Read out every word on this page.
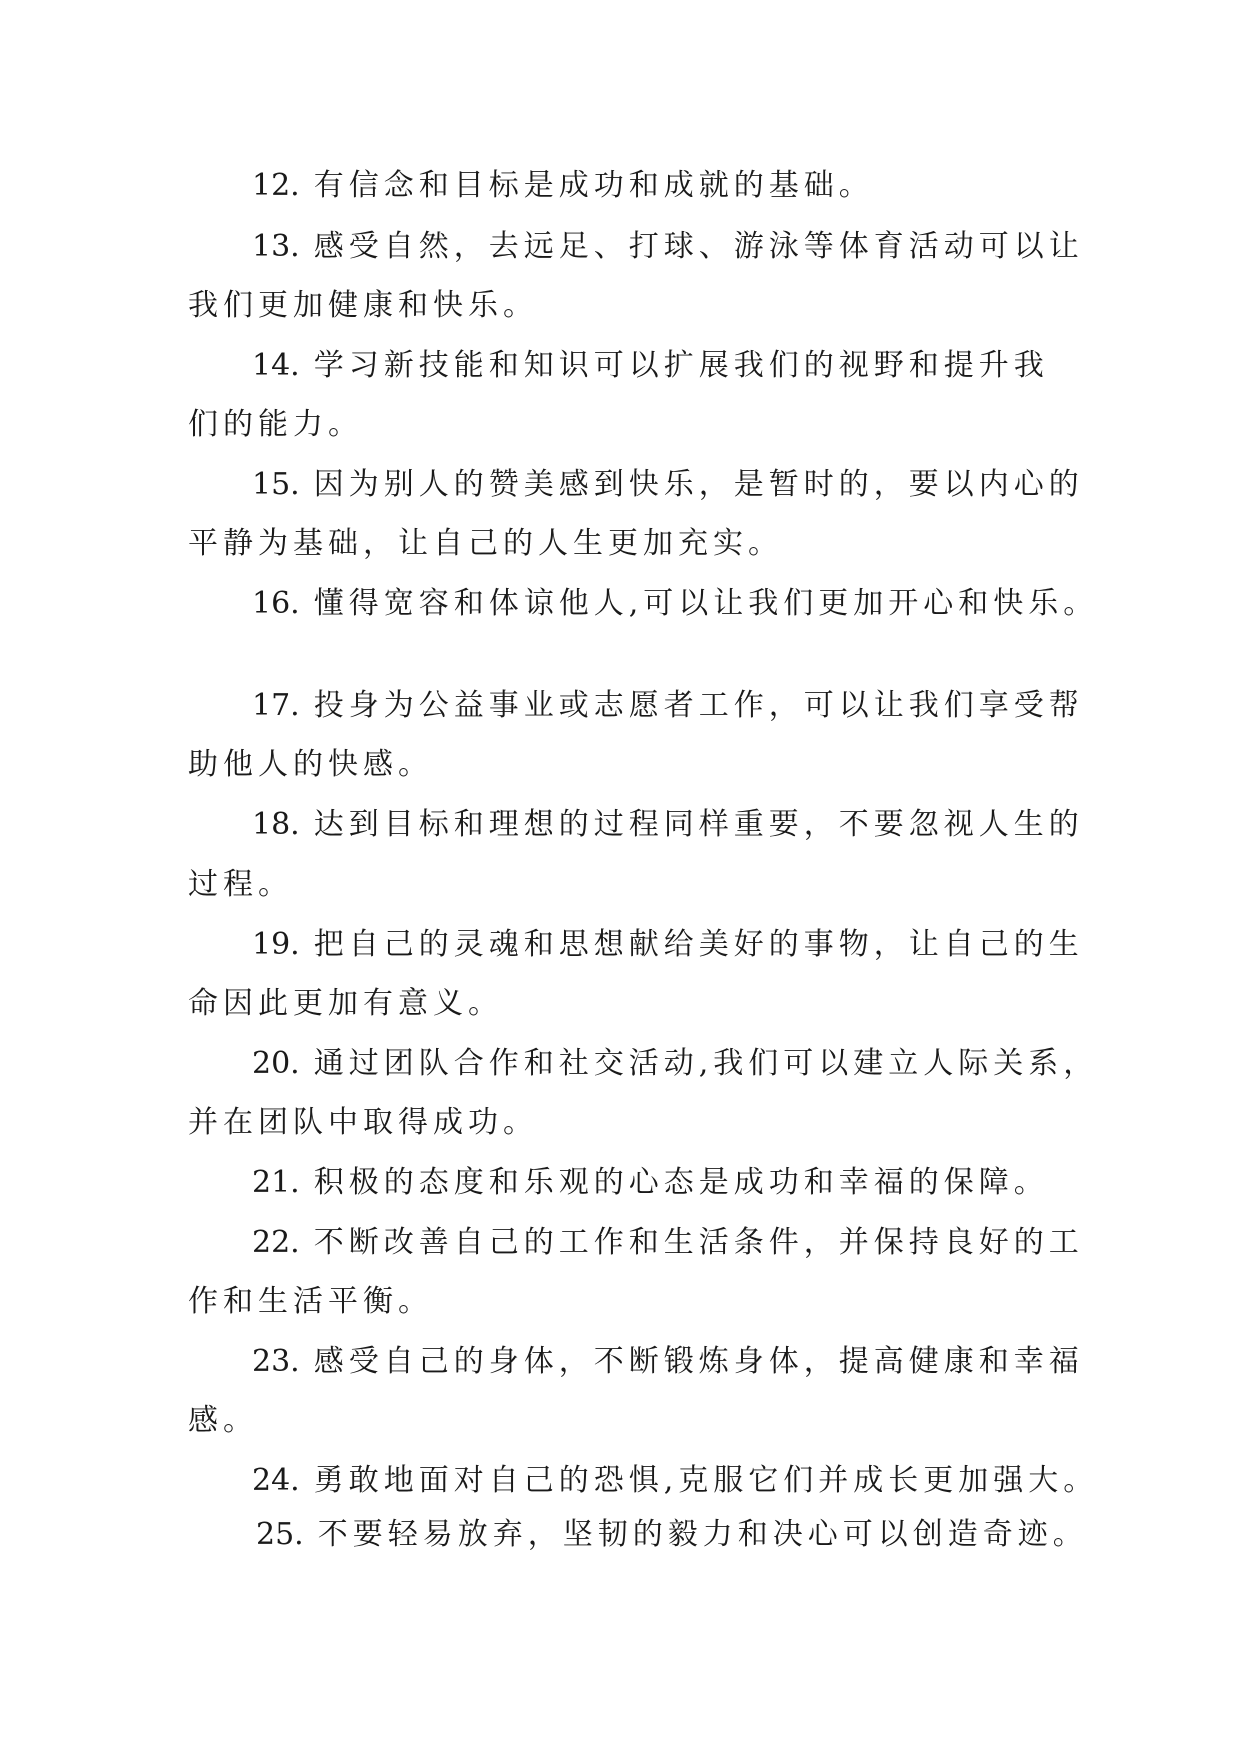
12. 有信念和目标是成功和成就的基础。
13. 感受自然，去远足、打球、游泳等体育活动可以让
我们更加健康和快乐。
14. 学习新技能和知识可以扩展我们的视野和提升我
们的能力。
15. 因为别人的赞美感到快乐，是暂时的，要以内心的
平静为基础，让自己的人生更加充实。
16. 懂得宽容和体谅他人,可以让我们更加开心和快乐。
17. 投身为公益事业或志愿者工作，可以让我们享受帮
助他人的快感。
18. 达到目标和理想的过程同样重要，不要忽视人生的
过程。
19. 把自己的灵魂和思想献给美好的事物，让自己的生
命因此更加有意义。
20. 通过团队合作和社交活动,我们可以建立人际关系，
并在团队中取得成功。
21. 积极的态度和乐观的心态是成功和幸福的保障。
22. 不断改善自己的工作和生活条件，并保持良好的工
作和生活平衡。
23. 感受自己的身体，不断锻炼身体，提高健康和幸福
感。
24. 勇敢地面对自己的恐惧,克服它们并成长更加强大。
25. 不要轻易放弃，坚韧的毅力和决心可以创造奇迹。
